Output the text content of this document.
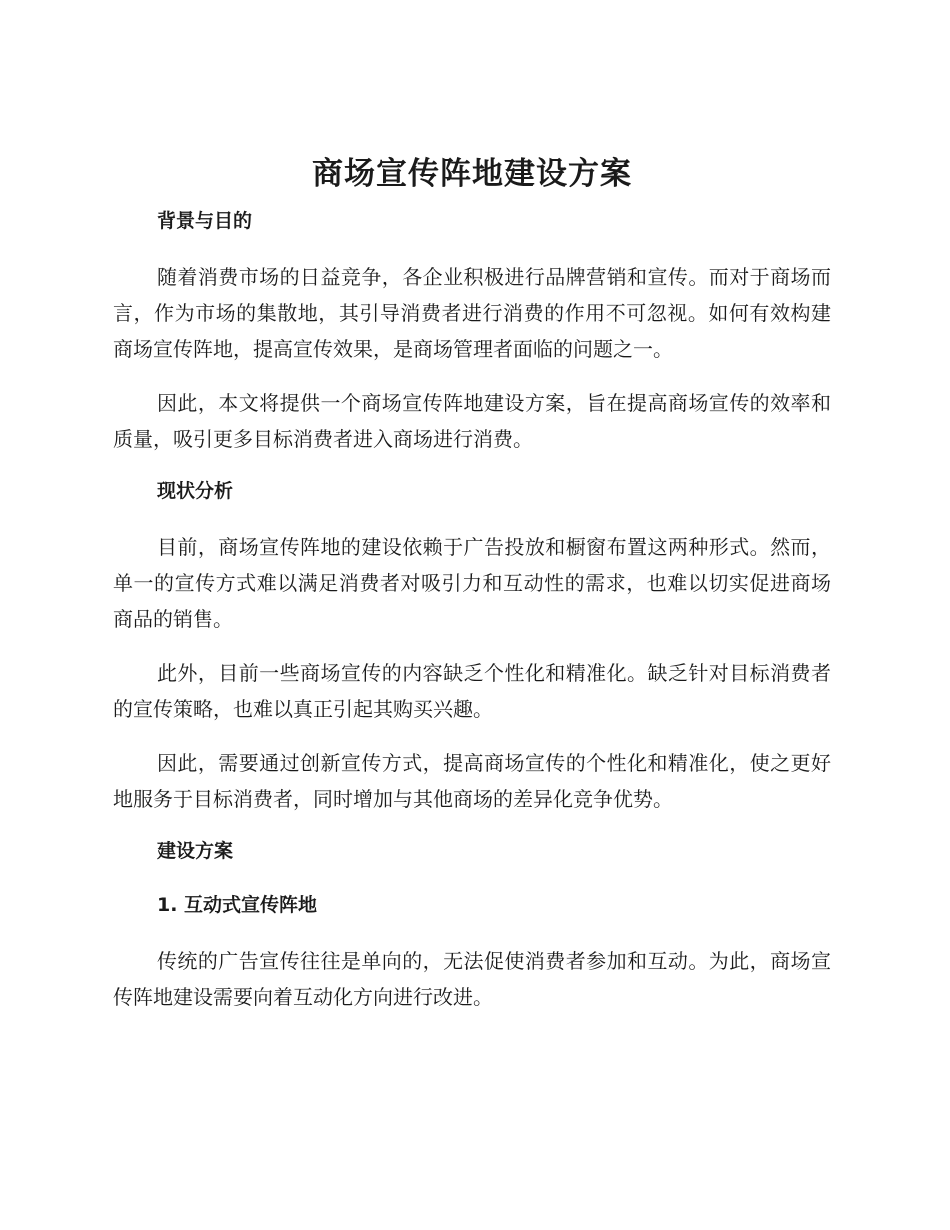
商场宣传阵地建设方案
背景与目的

随着消费市场的日益竞争，各企业积极进行品牌营销和宣传。而对于商场而言，作为市场的集散地，其引导消费者进行消费的作用不可忽视。如何有效构建商场宣传阵地，提高宣传效果，是商场管理者面临的问题之一。

因此，本文将提供一个商场宣传阵地建设方案，旨在提高商场宣传的效率和质量，吸引更多目标消费者进入商场进行消费。

现状分析

目前，商场宣传阵地的建设依赖于广告投放和橱窗布置这两种形式。然而，单一的宣传方式难以满足消费者对吸引力和互动性的需求，也难以切实促进商场商品的销售。

此外，目前一些商场宣传的内容缺乏个性化和精准化。缺乏针对目标消费者的宣传策略，也难以真正引起其购买兴趣。

因此，需要通过创新宣传方式，提高商场宣传的个性化和精准化，使之更好地服务于目标消费者，同时增加与其他商场的差异化竞争优势。

建设方案
1. 互动式宣传阵地

传统的广告宣传往往是单向的，无法促使消费者参加和互动。为此，商场宣传阵地建设需要向着互动化方向进行改进。
